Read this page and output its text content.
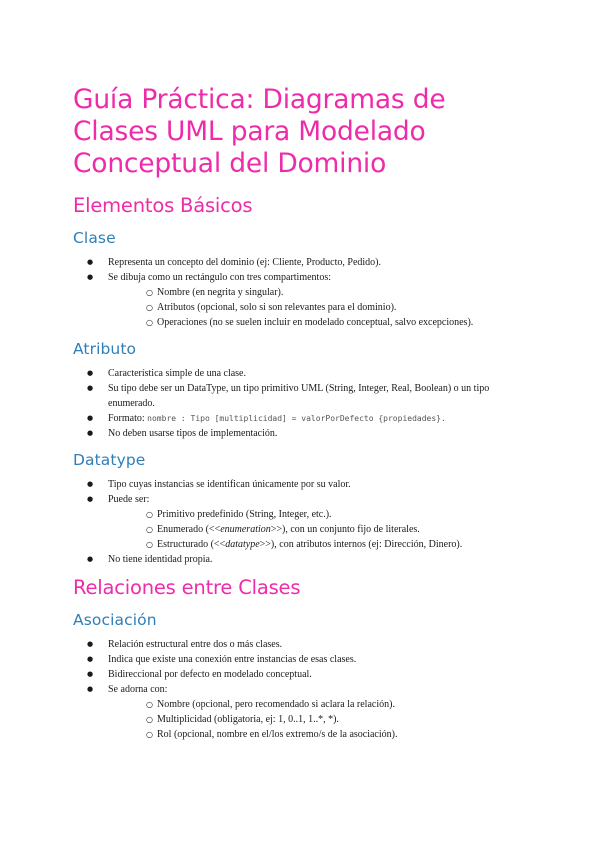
Guía Práctica: Diagramas de Clases UML para Modelado Conceptual del Dominio
Elementos Básicos
Clase
● Representa un concepto del dominio (ej: Cliente, Producto, Pedido).
● Se dibuja como un rectángulo con tres compartimentos:
○ Nombre (en negrita y singular).
○ Atributos (opcional, solo si son relevantes para el dominio).
○ Operaciones (no se suelen incluir en modelado conceptual, salvo excepciones).
Atributo
● Característica simple de una clase.
● Su tipo debe ser un DataType, un tipo primitivo UML (String, Integer, Real, Boolean) o un tipo enumerado.
● Formato: nombre : Tipo [multiplicidad] = valorPorDefecto {propiedades}.
● No deben usarse tipos de implementación.
Datatype
● Tipo cuyas instancias se identifican únicamente por su valor.
● Puede ser:
○ Primitivo predefinido (String, Integer, etc.).
○ Enumerado (<<enumeration>>), con un conjunto fijo de literales.
○ Estructurado (<<datatype>>), con atributos internos (ej: Dirección, Dinero).
● No tiene identidad propia.
Relaciones entre Clases
Asociación
● Relación estructural entre dos o más clases.
● Indica que existe una conexión entre instancias de esas clases.
● Bidireccional por defecto en modelado conceptual.
● Se adorna con:
○ Nombre (opcional, pero recomendado si aclara la relación).
○ Multiplicidad (obligatoria, ej: 1, 0..1, 1..*, *).
○ Rol (opcional, nombre en el/los extremo/s de la asociación).
